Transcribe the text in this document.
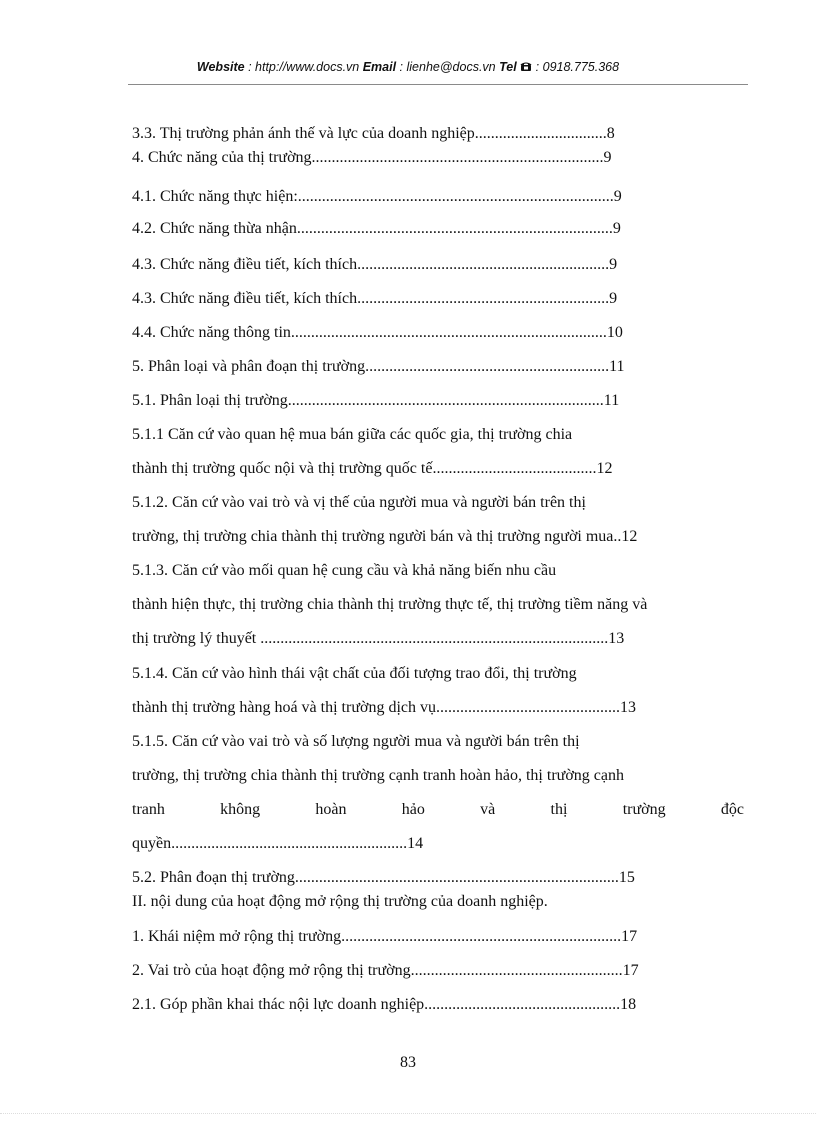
Website : http://www.docs.vn Email : lienhe@docs.vn Tel  : 0918.775.368
3.3. Thị trường phản ánh thế và lực của doanh nghiệp.................................8
4. Chức năng của thị trường.........................................................................9
4.1. Chức năng thực hiện:...............................................................................9
4.2. Chức năng thừa nhận...............................................................................9
4.3. Chức năng điều tiết, kích thích...............................................................9
4.3. Chức năng điều tiết, kích thích...............................................................9
4.4. Chức năng thông tin...............................................................................10
5. Phân loại và phân đoạn thị trường.............................................................11
5.1. Phân loại thị trường...............................................................................11
5.1.1 Căn cứ vào quan hệ mua bán giữa các quốc gia, thị trường chia
thành thị trường quốc nội và thị trường quốc tế.........................................12
5.1.2. Căn cứ vào vai trò và vị thế của người mua và người bán trên thị
trường, thị trường chia thành thị trường người bán và thị trường người mua..12
5.1.3. Căn cứ vào mối quan hệ cung cầu và khả năng biến nhu cầu
thành hiện thực, thị trường chia thành thị trường thực tế, thị trường tiềm năng và
thị trường lý thuyết .......................................................................................13
5.1.4. Căn cứ vào hình thái vật chất của đối tượng trao đổi, thị trường
thành thị trường hàng hoá và thị trường dịch vụ..............................................13
5.1.5. Căn cứ vào vai trò và số lượng người mua và người bán trên thị
trường, thị trường chia thành thị trường cạnh tranh hoàn hảo, thị trường cạnh
tranh	không	hoàn	hảo	và	thị	trường	độc
quyền...........................................................14
5.2. Phân đoạn thị trường.................................................................................15
II. nội dung của hoạt động mở rộng thị trường của doanh nghiệp.
1. Khái niệm mở rộng thị trường......................................................................17
2. Vai trò của hoạt động mở rộng thị trường.....................................................17
2.1. Góp phần khai thác nội lực doanh nghiệp.................................................18
83
